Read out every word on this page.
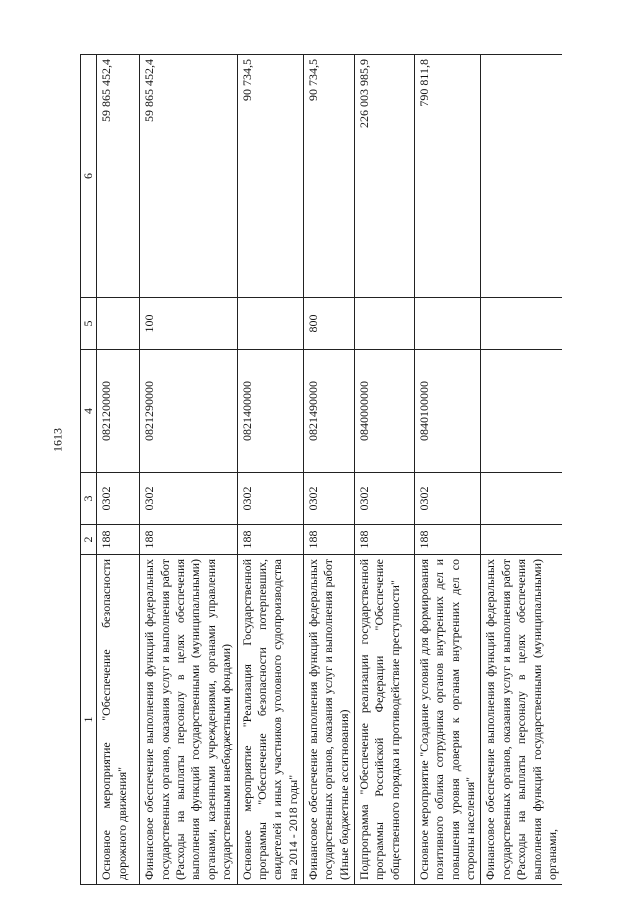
1613
1	2	3	4	5	6
Основное мероприятие "Обеспечение безопасности дорожного движения"	188	0302	0821200000		59 865 452,4
Финансовое обеспечение выполнения функций федеральных государственных органов, оказания услуг и выполнения работ (Расходы на выплаты персоналу в целях обеспечения выполнения функций государственными (муниципальными) органами, казенными учреждениями, органами управления государственными внебюджетными фондами)	188	0302	0821290000	100	59 865 452,4
Основное мероприятие "Реализация Государственной программы "Обеспечение безопасности потерпевших, свидетелей и иных участников уголовного судопроизводства на 2014 - 2018 годы"	188	0302	0821400000		90 734,5
Финансовое обеспечение выполнения функций федеральных государственных органов, оказания услуг и выполнения работ (Иные бюджетные ассигнования)	188	0302	0821490000	800	90 734,5
Подпрограмма "Обеспечение реализации государственной программы Российской Федерации "Обеспечение общественного порядка и противодействие преступности"	188	0302	0840000000		226 003 985,9
Основное мероприятие "Создание условий для формирования позитивного облика сотрудника органов внутренних дел и повышения уровня доверия к органам внутренних дел со стороны населения"	188	0302	0840100000		790 811,8
Финансовое обеспечение выполнения функций федеральных государственных органов, оказания услуг и выполнения работ (Расходы на выплаты персоналу в целях обеспечения выполнения функций государственными (муниципальными) органами,					
